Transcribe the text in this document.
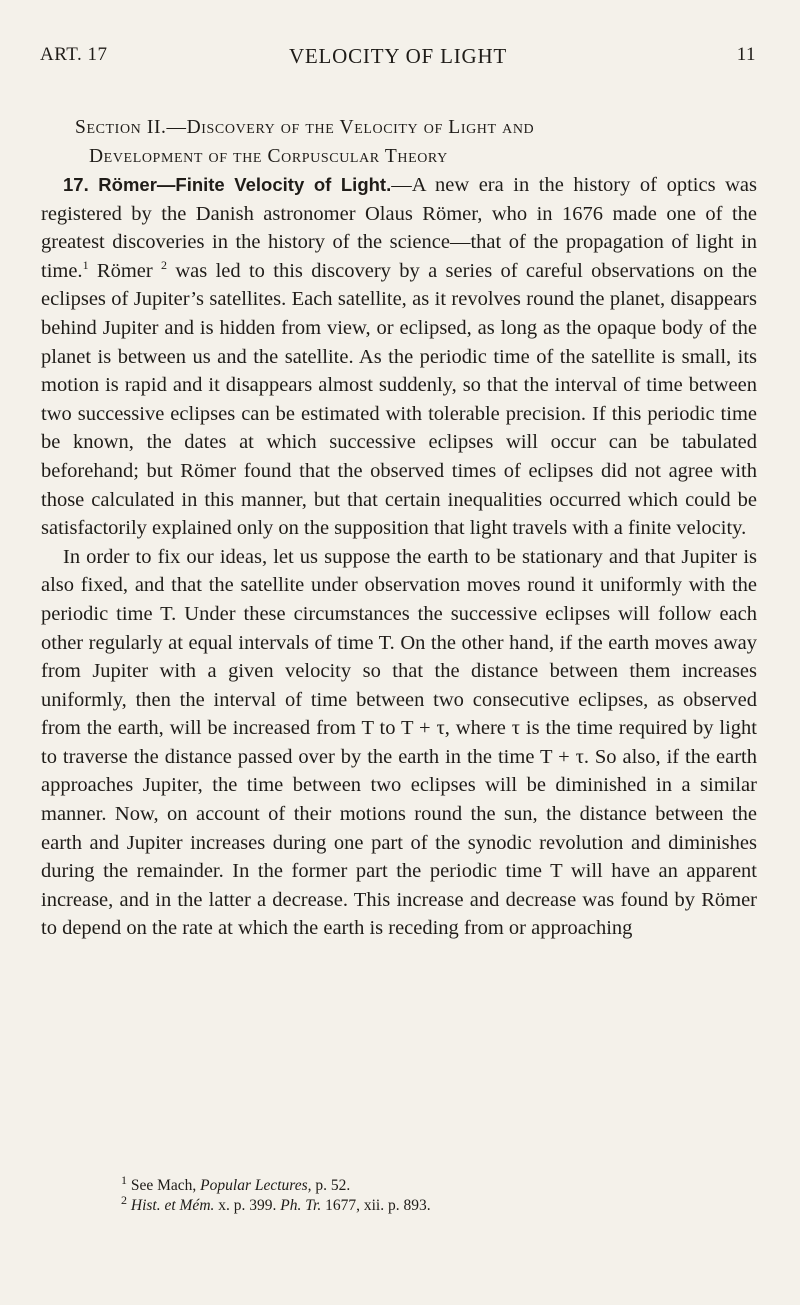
ART. 17	VELOCITY OF LIGHT	11
Section II.—Discovery of the Velocity of Light and
Development of the Corpuscular Theory

17. Römer—Finite Velocity of Light.—A new era in the history of optics was registered by the Danish astronomer Olaus Römer, who in 1676 made one of the greatest discoveries in the history of the science—that of the propagation of light in time.$^1$ Römer $^2$ was led to this discovery by a series of careful observations on the eclipses of Jupiter’s satellites. Each satellite, as it revolves round the planet, disappears behind Jupiter and is hidden from view, or eclipsed, as long as the opaque body of the planet is between us and the satellite. As the periodic time of the satellite is small, its motion is rapid and it disappears almost suddenly, so that the interval of time between two successive eclipses can be estimated with tolerable precision. If this periodic time be known, the dates at which successive eclipses will occur can be tabulated beforehand; but Römer found that the observed times of eclipses did not agree with those calculated in this manner, but that certain inequalities occurred which could be satisfactorily explained only on the supposition that light travels with a finite velocity.

In order to fix our ideas, let us suppose the earth to be stationary and that Jupiter is also fixed, and that the satellite under observation moves round it uniformly with the periodic time T. Under these circumstances the successive eclipses will follow each other regularly at equal intervals of time T. On the other hand, if the earth moves away from Jupiter with a given velocity so that the distance between them increases uniformly, then the interval of time between two consecutive eclipses, as observed from the earth, will be increased from T to T + τ, where τ is the time required by light to traverse the distance passed over by the earth in the time T + τ. So also, if the earth approaches Jupiter, the time between two eclipses will be diminished in a similar manner. Now, on account of their motions round the sun, the distance between the earth and Jupiter increases during one part of the synodic revolution and diminishes during the remainder. In the former part the periodic time T will have an apparent increase, and in the latter a decrease. This increase and decrease was found by Römer to depend on the rate at which the earth is receding from or approaching

$^1$ See Mach, Popular Lectures, p. 52.

$^2$ Hist. et Mém. x. p. 399. Ph. Tr. 1677, xii. p. 893.
